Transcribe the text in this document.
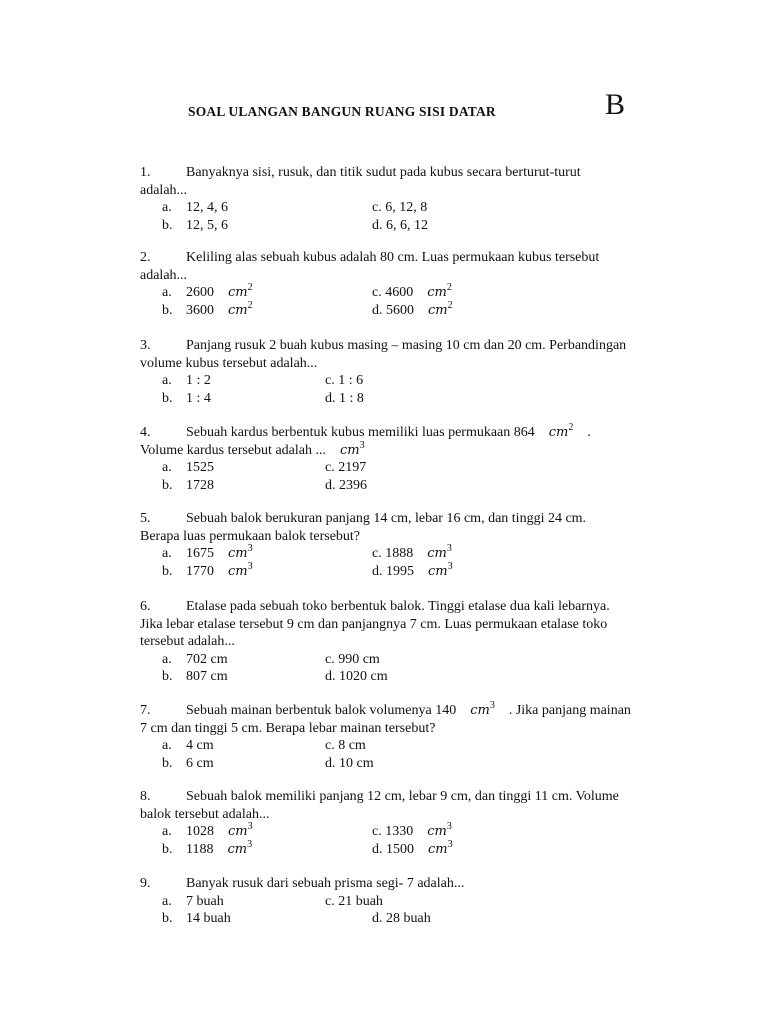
SOAL ULANGAN BANGUN RUANG SISI DATAR	B
1.	Banyaknya sisi, rusuk, dan titik sudut pada kubus secara berturut-turut
adalah...
a. 12, 4, 6	c. 6, 12, 8
b. 12, 5, 6	d. 6, 6, 12
2.	Keliling alas sebuah kubus adalah 80 cm. Luas permukaan kubus tersebut
adalah...
a. 2600 $cm^2$	c. 4600 $cm^2$
b. 3600 $cm^2$	d. 5600 $cm^2$
3.	Panjang rusuk 2 buah kubus masing – masing 10 cm dan 20 cm. Perbandingan
volume kubus tersebut adalah...
a. 1 : 2	c. 1 : 6
b. 1 : 4	d. 1 : 8
4.	Sebuah kardus berbentuk kubus memiliki luas permukaan 864 $cm^2$ .
Volume kardus tersebut adalah ... $cm^3$
a. 1525	c. 2197
b. 1728	d. 2396
5.	Sebuah balok berukuran panjang 14 cm, lebar 16 cm, dan tinggi 24 cm.
Berapa luas permukaan balok tersebut?
a. 1675 $cm^3$	c. 1888 $cm^3$
b. 1770 $cm^3$	d. 1995 $cm^3$
6.	Etalase pada sebuah toko berbentuk balok. Tinggi etalase dua kali lebarnya.
Jika lebar etalase tersebut 9 cm dan panjangnya 7 cm. Luas permukaan etalase toko
tersebut adalah...
a. 702 cm	c. 990 cm
b. 807 cm	d. 1020 cm
7.	Sebuah mainan berbentuk balok volumenya 140 $cm^3$ . Jika panjang mainan
7 cm dan tinggi 5 cm. Berapa lebar mainan tersebut?
a. 4 cm	c. 8 cm
b. 6 cm	d. 10 cm
8.	Sebuah balok memiliki panjang 12 cm, lebar 9 cm, dan tinggi 11 cm. Volume
balok tersebut adalah...
a. 1028 $cm^3$	c. 1330 $cm^3$
b. 1188 $cm^3$	d. 1500 $cm^3$
9.	Banyak rusuk dari sebuah prisma segi- 7 adalah...
a. 7 buah	c. 21 buah
b. 14 buah	d. 28 buah
